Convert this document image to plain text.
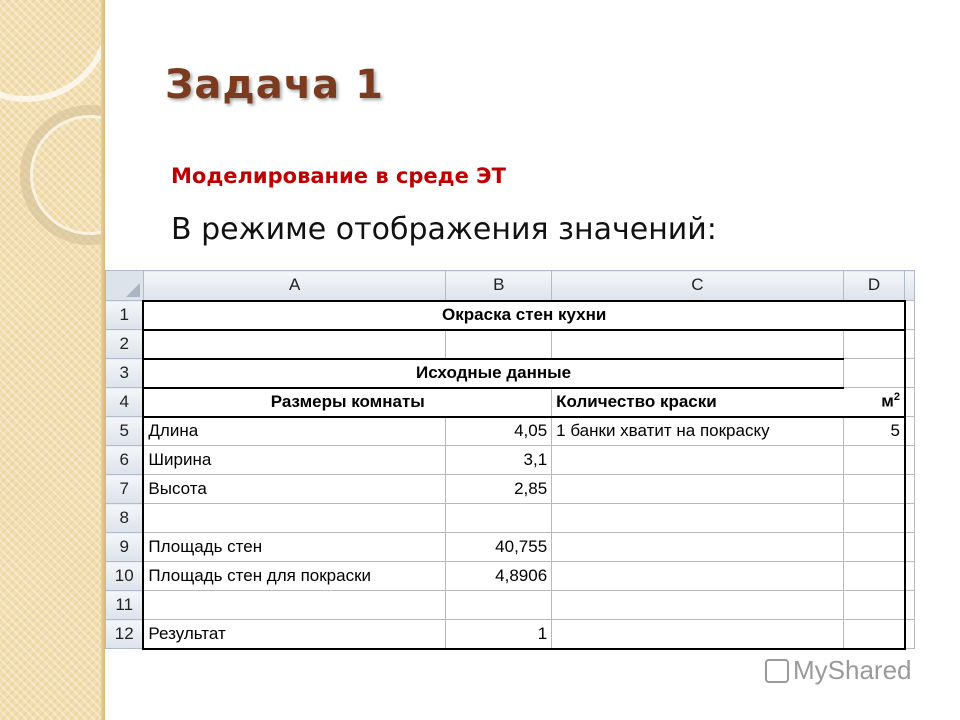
Задача 1
Моделирование в среде ЭТ
В режиме отображения значений:
	A	B	C	D	
1	Окраска стен кухни				
2					
3	Исходные данные				
4	Размеры комнаты		Количество краски	$м^2$	
5	Длина	4,05	1 банки хватит на покраску	5	
6	Ширина	3,1			
7	Высота	2,85			
8					
9	Площадь стен	40,755			
10	Площадь стен для покраски	4,8906			
11					
12	Результат	1			
MyShared
